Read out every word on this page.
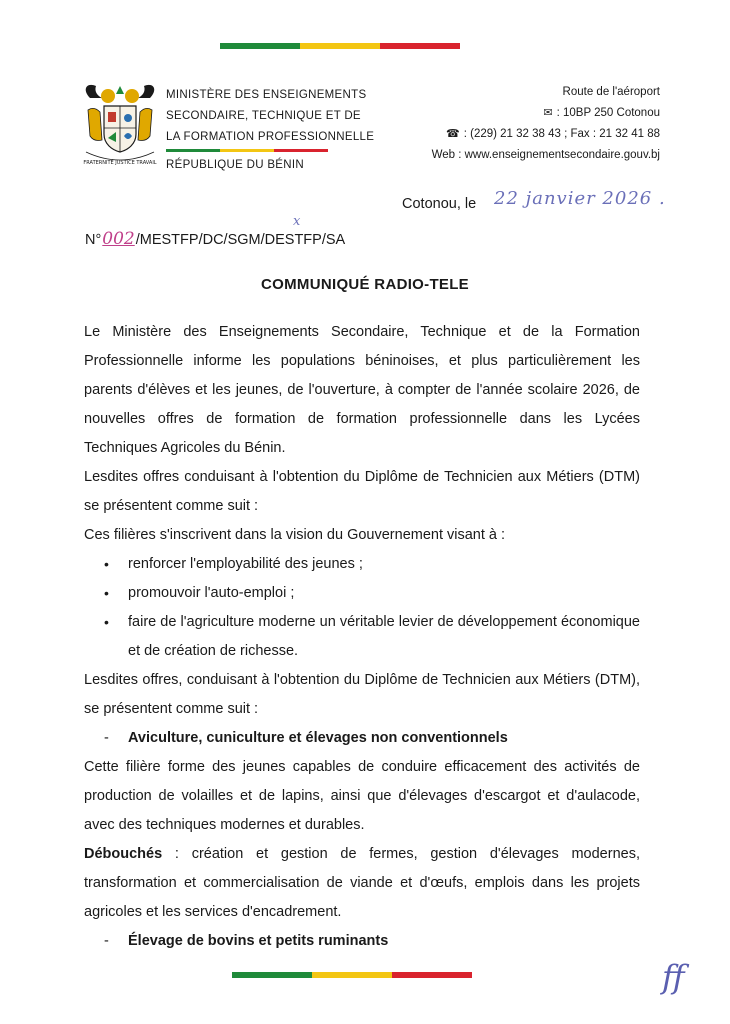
FRATERNITÉ JUSTICE TRAVAIL
MINISTÈRE DES ENSEIGNEMENTS
SECONDAIRE, TECHNIQUE ET DE
LA FORMATION PROFESSIONNELLE
RÉPUBLIQUE DU BÉNIN
Route de l'aéroport
✉ : 10BP 250 Cotonou
☎ : (229) 21 32 38 43 ; Fax : 21 32 41 88
Web : www.enseignementsecondaire.gouv.bj
Cotonou, le 22 janvier 2026 .
x
N°002/MESTFP/DC/SGM/DESTFP/SA
COMMUNIQUÉ RADIO-TELE

Le Ministère des Enseignements Secondaire, Technique et de la Formation Professionnelle informe les populations béninoises, et plus particulièrement les parents d'élèves et les jeunes, de l'ouverture, à compter de l'année scolaire 2026, de nouvelles offres de formation de formation professionnelle dans les Lycées Techniques Agricoles du Bénin.

Lesdites offres conduisant à l'obtention du Diplôme de Technicien aux Métiers (DTM) se présentent comme suit :

Ces filières s'inscrivent dans la vision du Gouvernement visant à :

• renforcer l'employabilité des jeunes ;
• promouvoir l'auto-emploi ;
• faire de l'agriculture moderne un véritable levier de développement économique et de création de richesse.

Lesdites offres, conduisant à l'obtention du Diplôme de Technicien aux Métiers (DTM), se présentent comme suit :

- Aviculture, cuniculture et élevages non conventionnels

Cette filière forme des jeunes capables de conduire efficacement des activités de production de volailles et de lapins, ainsi que d'élevages d'escargot et d'aulacode, avec des techniques modernes et durables.

Débouchés : création et gestion de fermes, gestion d'élevages modernes, transformation et commercialisation de viande et d'œufs, emplois dans les projets agricoles et les services d'encadrement.

- Élevage de bovins et petits ruminants
ff
